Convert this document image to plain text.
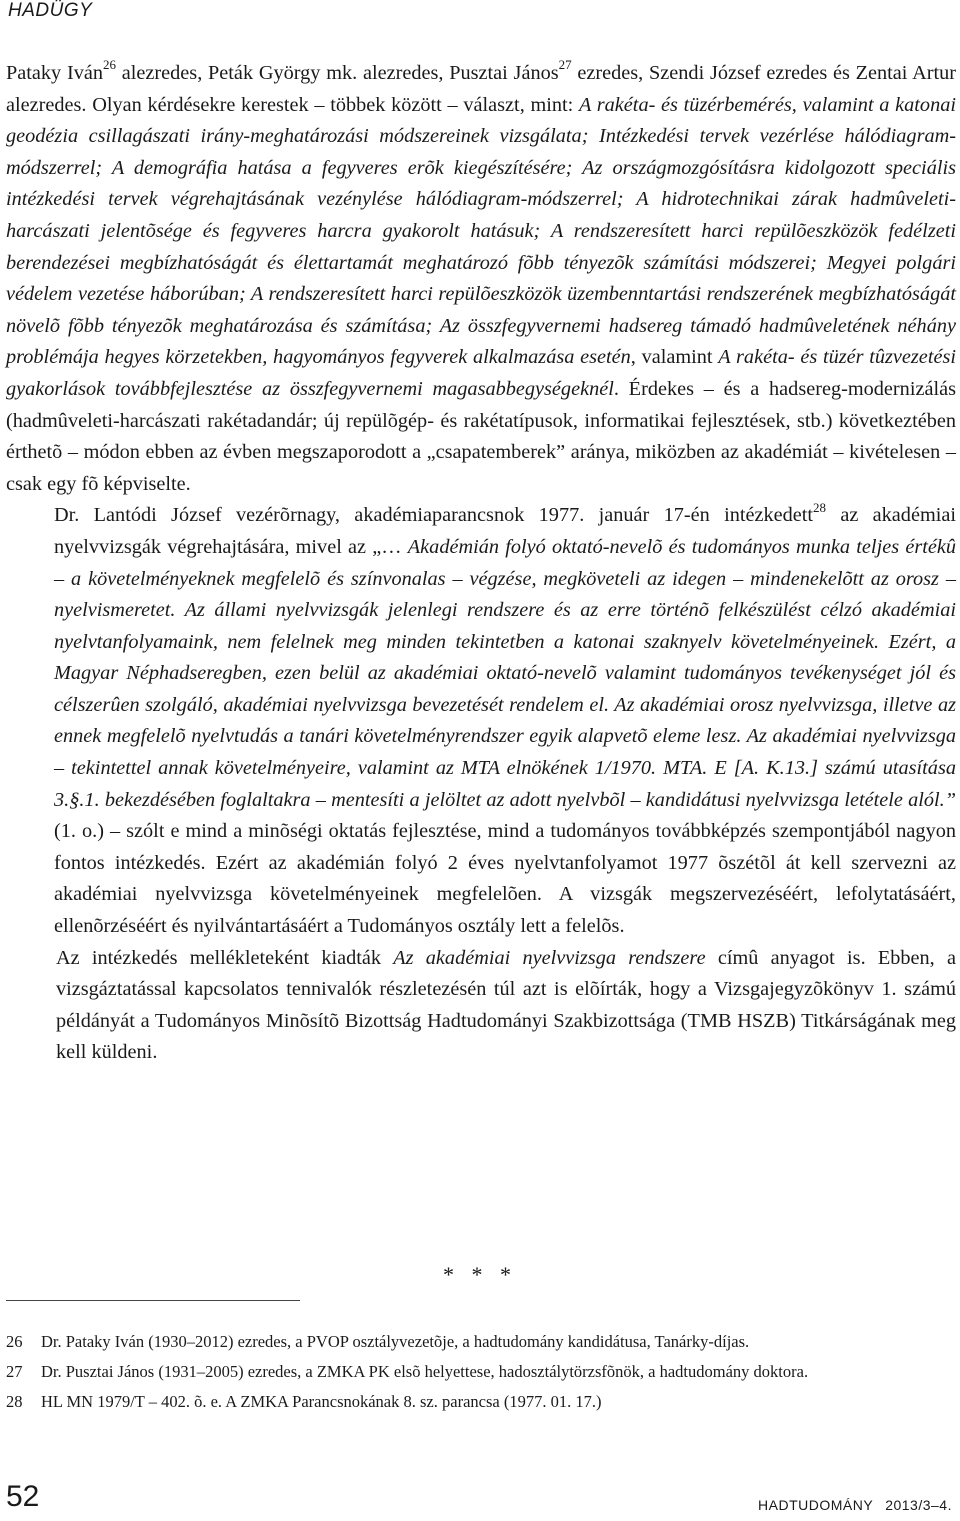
HADÜGY

Pataky Iván$^{26}$ alezredes, Peták György mk. alezredes, Pusztai János$^{27}$ ezredes, Szendi József ezredes és Zentai Artur alezredes. Olyan kérdésekre kerestek – többek között – választ, mint: A rakéta- és tüzérbemérés, valamint a katonai geodézia csillagászati irány-meghatározási módszereinek vizsgálata; Intézkedési tervek vezérlése hálódiagram-módszerrel; A demográfia hatása a fegyveres erõk kiegészítésére; Az országmozgósításra kidolgozott speciális intézkedési tervek végrehajtásának vezénylése hálódiagram-módszerrel; A hidrotechnikai zárak hadmûveleti-harcászati jelentõsége és fegyveres harcra gyakorolt hatásuk; A rendszeresített harci repülõeszközök fedélzeti berendezései megbízhatóságát és élettartamát meghatározó fõbb tényezõk számítási módszerei; Megyei polgári védelem vezetése háborúban; A rendszeresített harci repülõeszközök üzembenntartási rendszerének megbízhatóságát növelõ fõbb tényezõk meghatározása és számítása; Az összfegyvernemi hadsereg támadó hadmûveletének néhány problémája hegyes körzetekben, hagyományos fegyverek alkalmazása esetén, valamint A rakéta- és tüzér tûzvezetési gyakorlások továbbfejlesztése az összfegyvernemi magasabbegységeknél. Érdekes – és a hadsereg-modernizálás (hadmûveleti-harcászati rakétadandár; új repülõgép- és rakétatípusok, informatikai fejlesztések, stb.) következtében érthetõ – módon ebben az évben megszaporodott a „csapatemberek” aránya, miközben az akadémiát – kivételesen – csak egy fõ képviselte.

Dr. Lantódi József vezérõrnagy, akadémiaparancsnok 1977. január 17-én intézkedett$^{28}$ az akadémiai nyelvvizsgák végrehajtására, mivel az „… Akadémián folyó oktató-nevelõ és tudományos munka teljes értékû – a követelményeknek megfelelõ és színvonalas – végzése, megköveteli az idegen – mindenekelõtt az orosz – nyelvismeretet. Az állami nyelvvizsgák jelenlegi rendszere és az erre történõ felkészülést célzó akadémiai nyelvtanfolyamaink, nem felelnek meg minden tekintetben a katonai szaknyelv követelményeinek. Ezért, a Magyar Néphadseregben, ezen belül az akadémiai oktató-nevelõ valamint tudományos tevékenységet jól és célszerûen szolgáló, akadémiai nyelvvizsga bevezetését rendelem el. Az akadémiai orosz nyelvvizsga, illetve az ennek megfelelõ nyelvtudás a tanári követelményrendszer egyik alapvetõ eleme lesz. Az akadémiai nyelvvizsga – tekintettel annak követelményeire, valamint az MTA elnökének 1/1970. MTA. E [A. K.13.] számú utasítása 3.§.1. bekezdésében foglaltakra – mentesíti a jelöltet az adott nyelvbõl – kandidátusi nyelvvizsga letétele alól.” (1. o.) – szólt e mind a minõségi oktatás fejlesztése, mind a tudományos továbbképzés szempontjából nagyon fontos intézkedés. Ezért az akadémián folyó 2 éves nyelvtanfolyamot 1977 õszétõl át kell szervezni az akadémiai nyelvvizsga követelményeinek megfelelõen. A vizsgák megszervezéséért, lefolytatásáért, ellenõrzéséért és nyilvántartásáért a Tudományos osztály lett a felelõs.

Az intézkedés mellékleteként kiadták Az akadémiai nyelvvizsga rendszere címû anyagot is. Ebben, a vizsgáztatással kapcsolatos tennivalók részletezésén túl azt is elõírták, hogy a Vizsgajegyzõkönyv 1. számú példányát a Tudományos Minõsítõ Bizottság Hadtudományi Szakbizottsága (TMB HSZB) Titkárságának meg kell küldeni.

* * *
26 Dr. Pataky Iván (1930–2012) ezredes, a PVOP osztályvezetõje, a hadtudomány kandidátusa, Tanárky-díjas.
27 Dr. Pusztai János (1931–2005) ezredes, a ZMKA PK elsõ helyettese, hadosztálytörzsfõnök, a hadtudomány doktora.
28 HL MN 1979/T – 402. õ. e. A ZMKA Parancsnokának 8. sz. parancsa (1977. 01. 17.)
52	HADTUDOMÁNY 2013/3–4.
